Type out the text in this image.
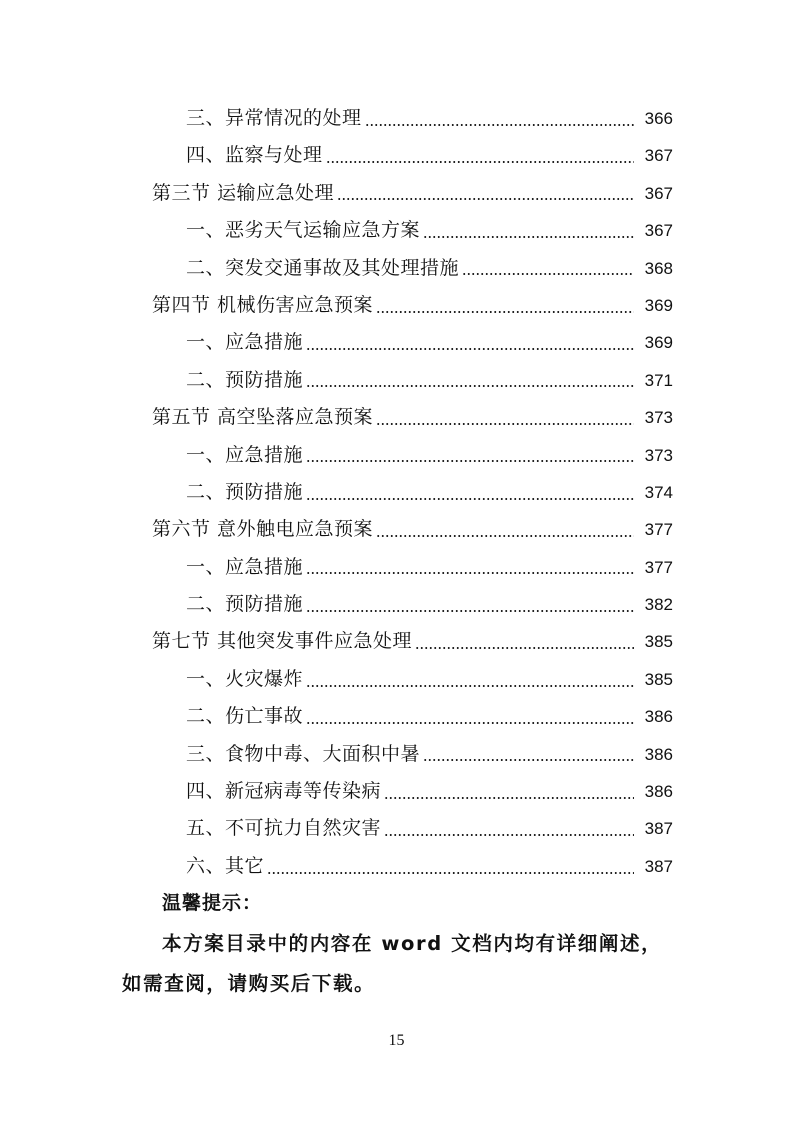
三、异常情况的处理	366
四、监察与处理	367
第三节 运输应急处理	367
一、恶劣天气运输应急方案	367
二、突发交通事故及其处理措施	368
第四节 机械伤害应急预案	369
一、应急措施	369
二、预防措施	371
第五节 高空坠落应急预案	373
一、应急措施	373
二、预防措施	374
第六节 意外触电应急预案	377
一、应急措施	377
二、预防措施	382
第七节 其他突发事件应急处理	385
一、火灾爆炸	385
二、伤亡事故	386
三、食物中毒、大面积中暑	386
四、新冠病毒等传染病	386
五、不可抗力自然灾害	387
六、其它	387
温馨提示：
本方案目录中的内容在 word 文档内均有详细阐述，如需查阅，请购买后下载。
15
